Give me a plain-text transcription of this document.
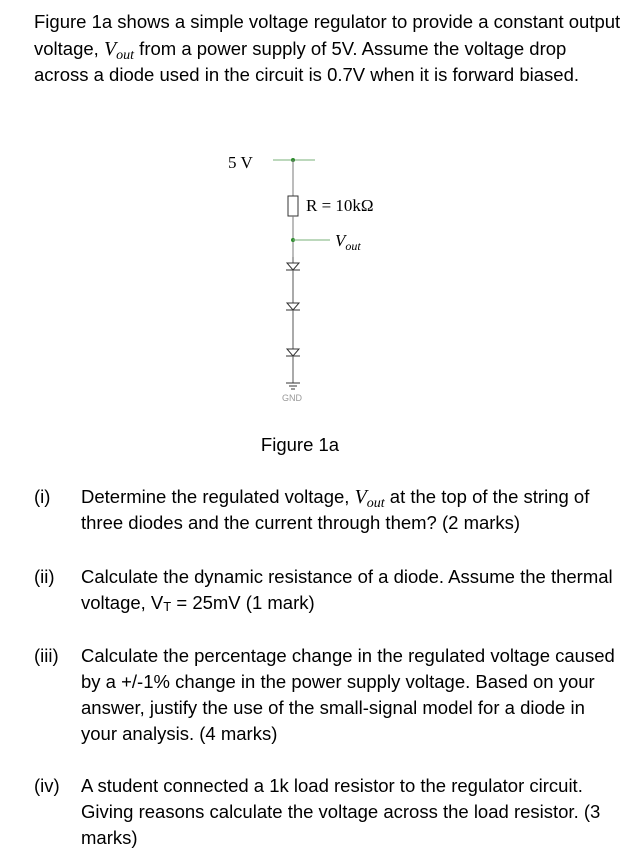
Figure 1a shows a simple voltage regulator to provide a constant output voltage, $V_{out}$ from a power supply of 5V. Assume the voltage drop across a diode used in the circuit is 0.7V when it is forward biased.
5 V
R = 10kΩ
$V_{out}$
GND
Figure 1a
(i) Determine the regulated voltage, $V_{out}$ at the top of the string of three diodes and the current through them? (2 marks)
(ii) Calculate the dynamic resistance of a diode. Assume the thermal voltage, $V_T = 25mV$ (1 mark)
(iii) Calculate the percentage change in the regulated voltage caused by a +/-1% change in the power supply voltage. Based on your answer, justify the use of the small-signal model for a diode in your analysis. (4 marks)
(iv) A student connected a 1k load resistor to the regulator circuit. Giving reasons calculate the voltage across the load resistor. (3 marks)
